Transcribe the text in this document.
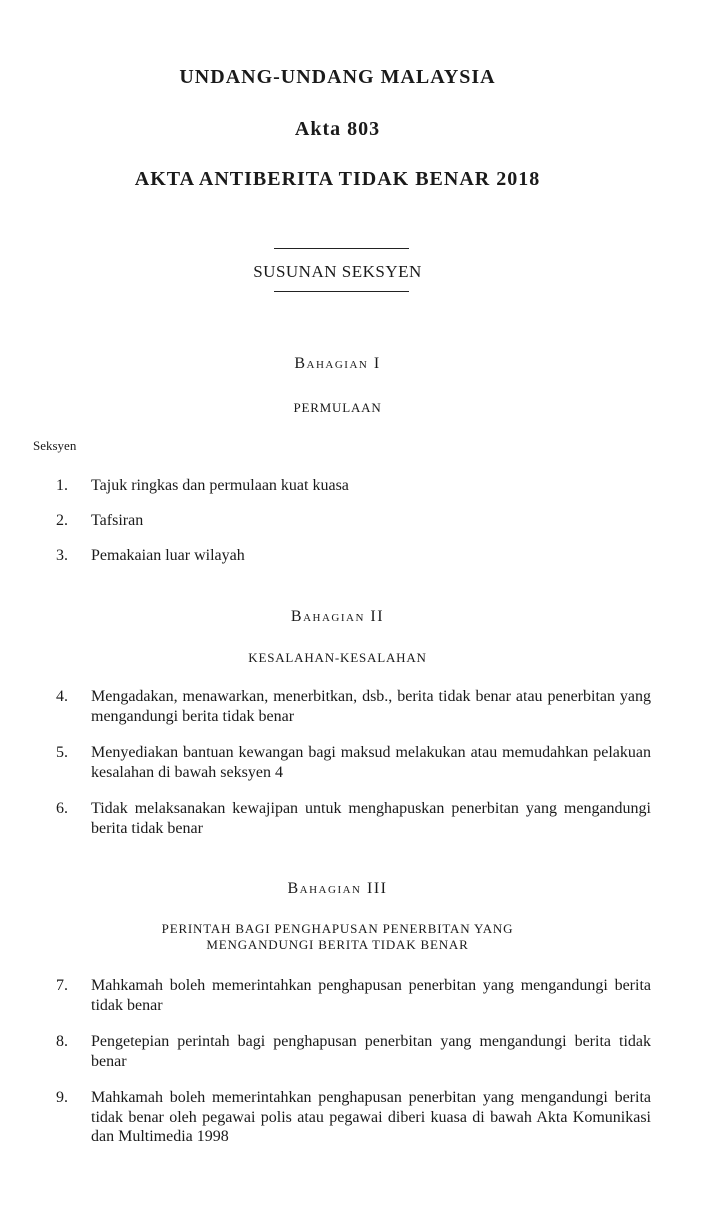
UNDANG-UNDANG MALAYSIA
Akta 803
AKTA ANTIBERITA TIDAK BENAR 2018
SUSUNAN SEKSYEN
Bahagian I
PERMULAAN
Seksyen
1. Tajuk ringkas dan permulaan kuat kuasa
2. Tafsiran
3. Pemakaian luar wilayah
Bahagian II
KESALAHAN-KESALAHAN
4. Mengadakan, menawarkan, menerbitkan, dsb., berita tidak benar atau penerbitan yang mengandungi berita tidak benar
5. Menyediakan bantuan kewangan bagi maksud melakukan atau memudahkan pelakuan kesalahan di bawah seksyen 4
6. Tidak melaksanakan kewajipan untuk menghapuskan penerbitan yang mengandungi berita tidak benar
Bahagian III
PERINTAH BAGI PENGHAPUSAN PENERBITAN YANG
MENGANDUNGI BERITA TIDAK BENAR
7. Mahkamah boleh memerintahkan penghapusan penerbitan yang mengandungi berita tidak benar
8. Pengetepian perintah bagi penghapusan penerbitan yang mengandungi berita tidak benar
9. Mahkamah boleh memerintahkan penghapusan penerbitan yang mengandungi berita tidak benar oleh pegawai polis atau pegawai diberi kuasa di bawah Akta Komunikasi dan Multimedia 1998
